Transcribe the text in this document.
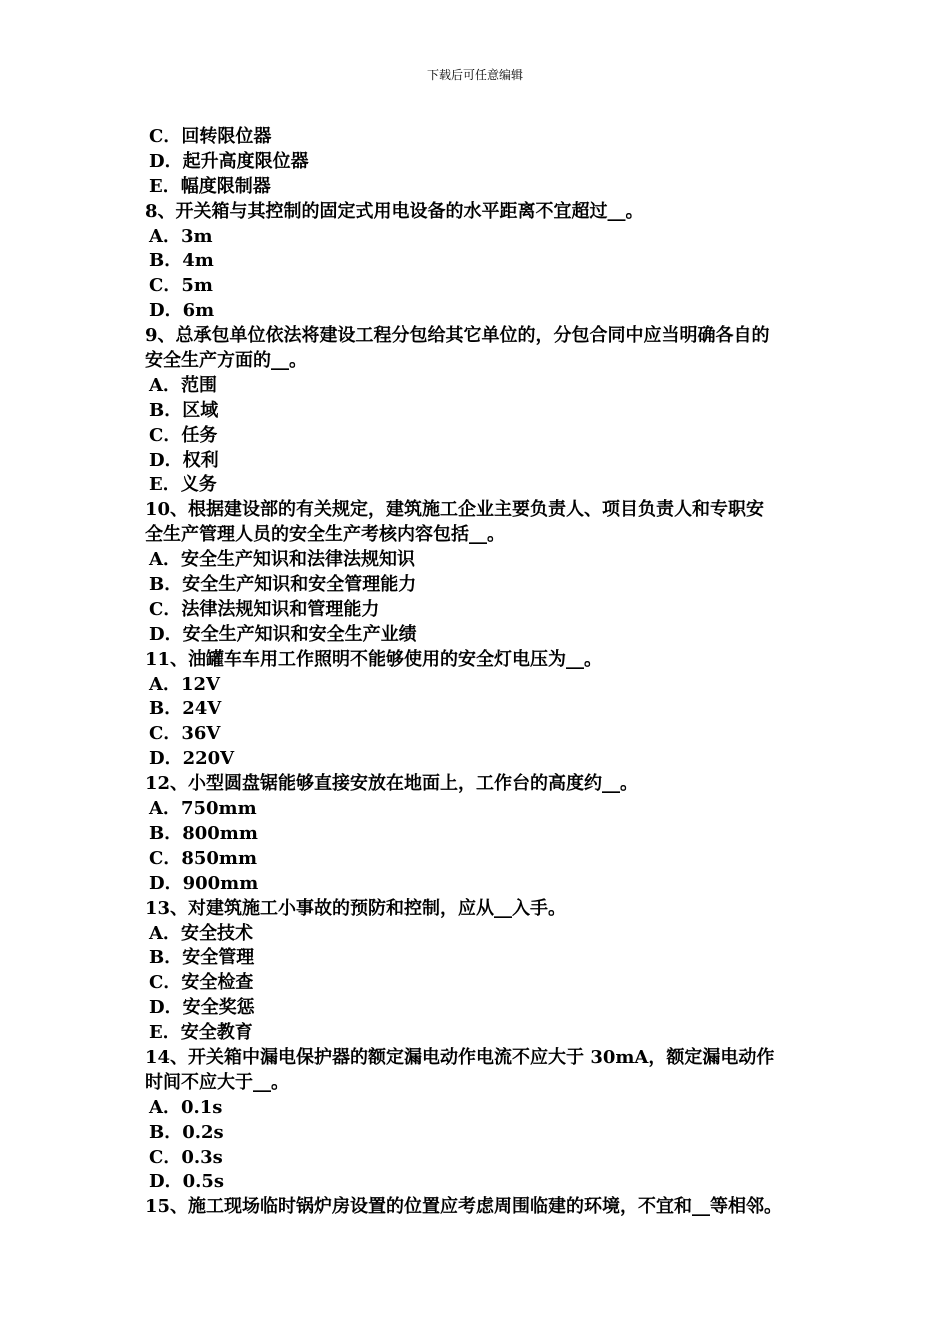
下载后可任意编辑
C．回转限位器
D．起升高度限位器
E．幅度限制器
8、开关箱与其控制的固定式用电设备的水平距离不宜超过__。
A．3m
B．4m
C．5m
D．6m
9、总承包单位依法将建设工程分包给其它单位的，分包合同中应当明确各自的
安全生产方面的__。
A．范围
B．区域
C．任务
D．权利
E．义务
10、根据建设部的有关规定，建筑施工企业主要负责人、项目负责人和专职安
全生产管理人员的安全生产考核内容包括__。
A．安全生产知识和法律法规知识
B．安全生产知识和安全管理能力
C．法律法规知识和管理能力
D．安全生产知识和安全生产业绩
11、油罐车车用工作照明不能够使用的安全灯电压为__。
A．12V
B．24V
C．36V
D．220V
12、小型圆盘锯能够直接安放在地面上，工作台的高度约__。
A．750mm
B．800mm
C．850mm
D．900mm
13、对建筑施工小事故的预防和控制，应从__入手。
A．安全技术
B．安全管理
C．安全检查
D．安全奖惩
E．安全教育
14、开关箱中漏电保护器的额定漏电动作电流不应大于 30mA，额定漏电动作
时间不应大于__。
A．0.1s
B．0.2s
C．0.3s
D．0.5s
15、施工现场临时锅炉房设置的位置应考虑周围临建的环境，不宜和__等相邻。
